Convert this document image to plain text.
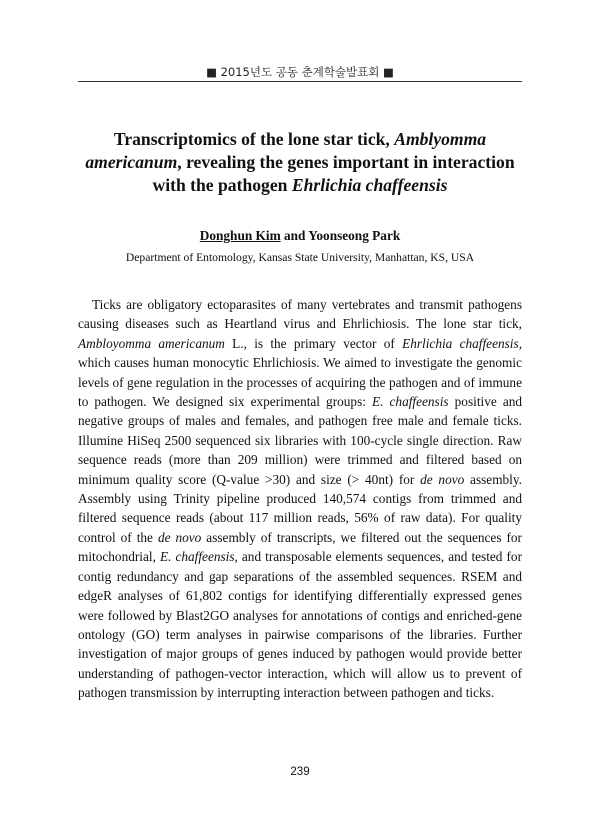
■ 2015년도 공동 춘계학술발표회 ■
Transcriptomics of the lone star tick, Amblyomma americanum, revealing the genes important in interaction with the pathogen Ehrlichia chaffeensis
Donghun Kim and Yoonseong Park
Department of Entomology, Kansas State University, Manhattan, KS, USA

Ticks are obligatory ectoparasites of many vertebrates and transmit pathogens causing diseases such as Heartland virus and Ehrlichiosis. The lone star tick, Ambloyomma americanum L., is the primary vector of Ehrlichia chaffeensis, which causes human monocytic Ehrlichiosis. We aimed to investigate the genomic levels of gene regulation in the processes of acquiring the pathogen and of immune to pathogen. We designed six experimental groups: E. chaffeensis positive and negative groups of males and females, and pathogen free male and female ticks. Illumine HiSeq 2500 sequenced six libraries with 100-cycle single direction. Raw sequence reads (more than 209 million) were trimmed and filtered based on minimum quality score (Q-value >30) and size (> 40nt) for de novo assembly. Assembly using Trinity pipeline produced 140,574 contigs from trimmed and filtered sequence reads (about 117 million reads, 56% of raw data). For quality control of the de novo assembly of transcripts, we filtered out the sequences for mitochondrial, E. chaffeensis, and transposable elements sequences, and tested for contig redundancy and gap separations of the assembled sequences. RSEM and edgeR analyses of 61,802 contigs for identifying differentially expressed genes were followed by Blast2GO analyses for annotations of contigs and enriched-gene ontology (GO) term analyses in pairwise comparisons of the libraries. Further investigation of major groups of genes induced by pathogen would provide better understanding of pathogen-vector interaction, which will allow us to prevent of pathogen transmission by interrupting interaction between pathogen and ticks.

239
